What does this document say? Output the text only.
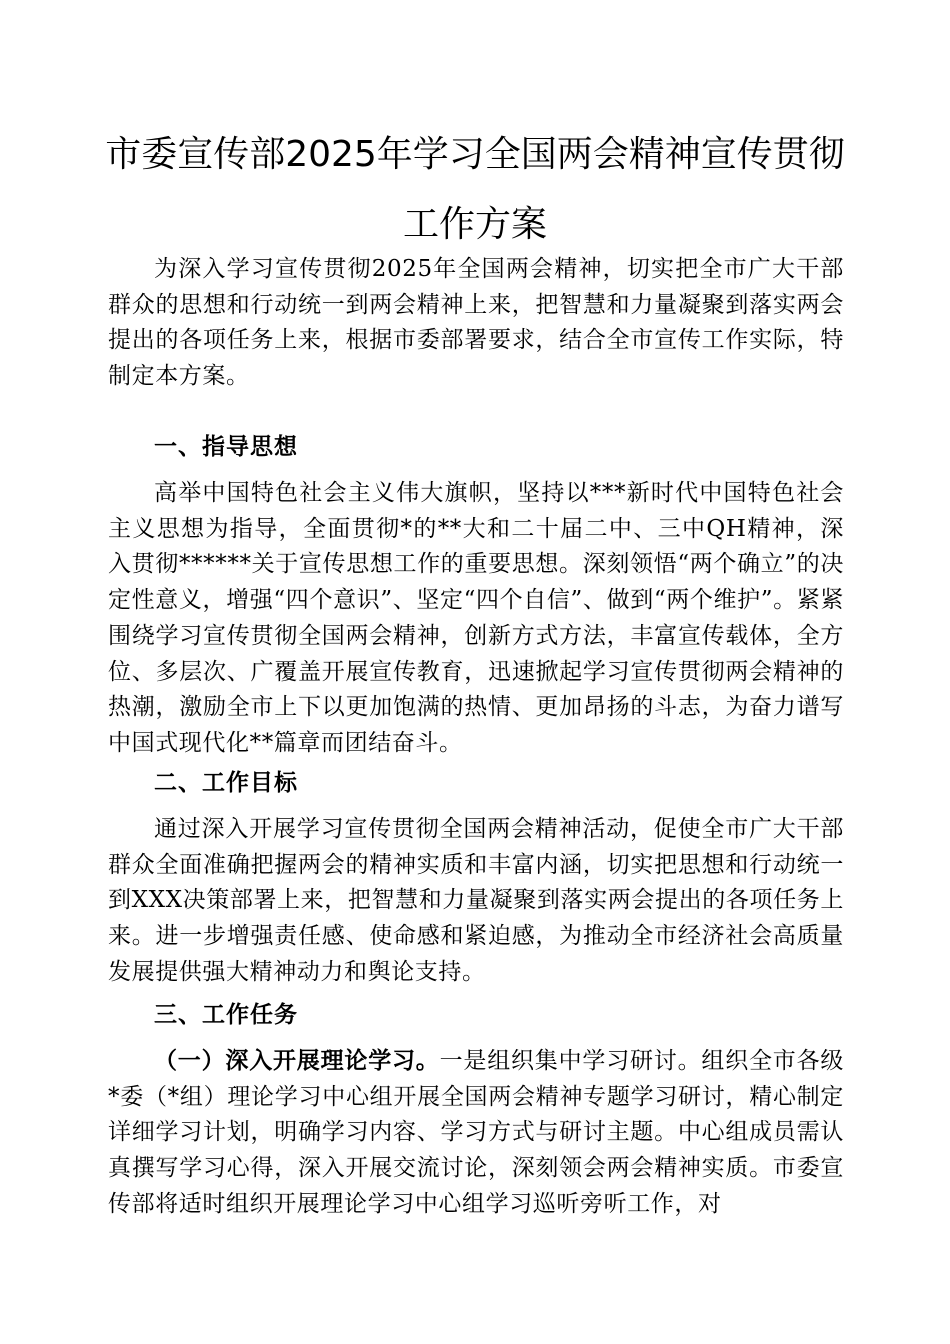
市委宣传部2025年学习全国两会精神宣传贯彻
工作方案

为深入学习宣传贯彻2025年全国两会精神，切实把全市广大干部群众的思想和行动统一到两会精神上来，把智慧和力量凝聚到落实两会提出的各项任务上来，根据市委部署要求，结合全市宣传工作实际，特制定本方案。

一、指导思想

高举中国特色社会主义伟大旗帜，坚持以***新时代中国特色社会主义思想为指导，全面贯彻*的**大和二十届二中、三中QH精神，深入贯彻******关于宣传思想工作的重要思想。深刻领悟“两个确立”的决定性意义，增强“四个意识”、坚定“四个自信”、做到“两个维护”。紧紧围绕学习宣传贯彻全国两会精神，创新方式方法，丰富宣传载体，全方位、多层次、广覆盖开展宣传教育，迅速掀起学习宣传贯彻两会精神的热潮，激励全市上下以更加饱满的热情、更加昂扬的斗志，为奋力谱写中国式现代化**篇章而团结奋斗。

二、工作目标

通过深入开展学习宣传贯彻全国两会精神活动，促使全市广大干部群众全面准确把握两会的精神实质和丰富内涵，切实把思想和行动统一到XXX决策部署上来，把智慧和力量凝聚到落实两会提出的各项任务上来。进一步增强责任感、使命感和紧迫感，为推动全市经济社会高质量发展提供强大精神动力和舆论支持。

三、工作任务

（一）深入开展理论学习。一是组织集中学习研讨。组织全市各级*委（*组）理论学习中心组开展全国两会精神专题学习研讨，精心制定详细学习计划，明确学习内容、学习方式与研讨主题。中心组成员需认真撰写学习心得，深入开展交流讨论，深刻领会两会精神实质。市委宣传部将适时组织开展理论学习中心组学习巡听旁听工作，对
